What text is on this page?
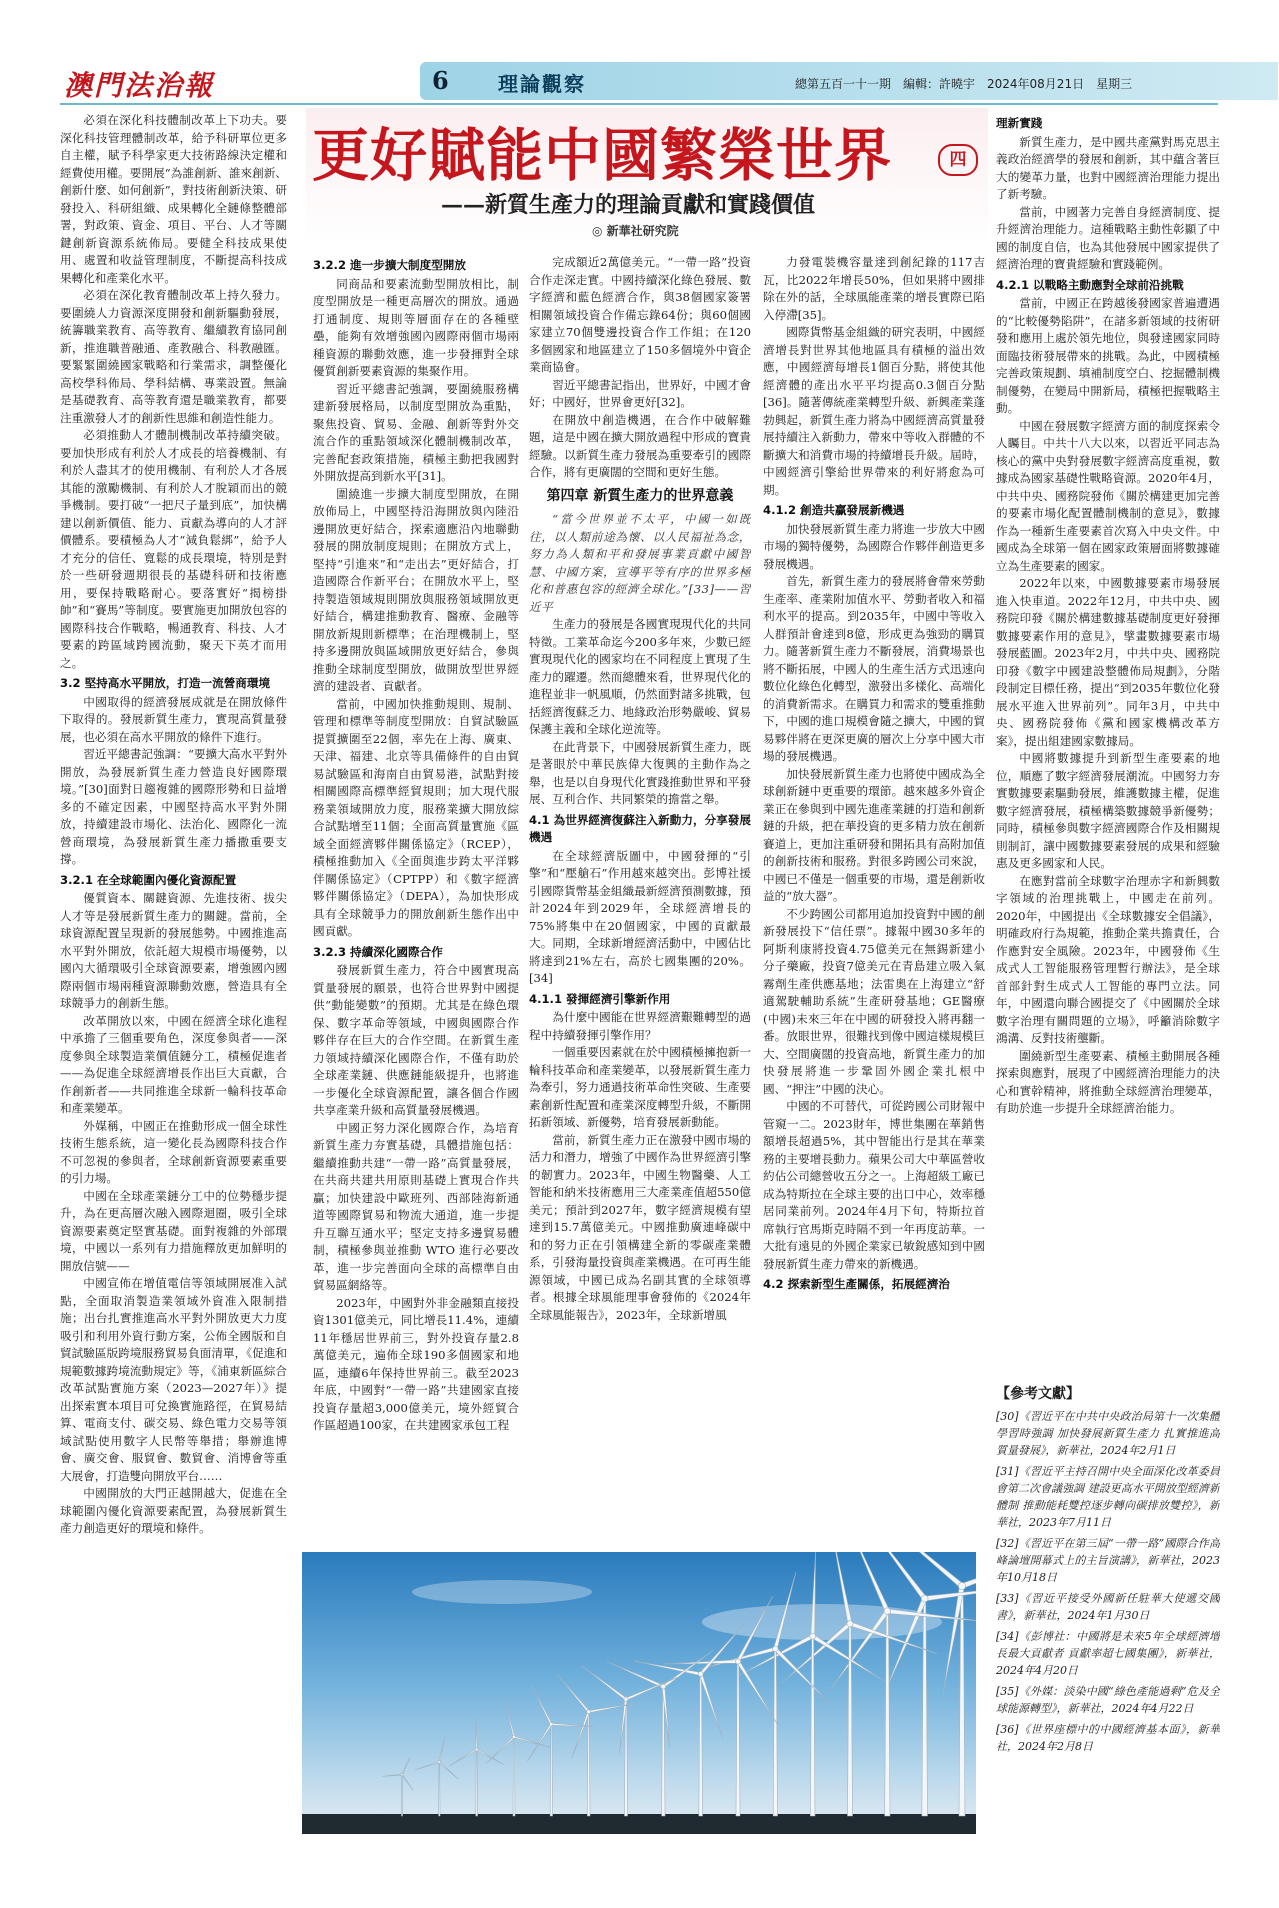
澳門法治報	6 理論觀察	總第五百一十一期　編輯：許曉宇　2024年08月21日　星期三
更好賦能中國繁榮世界	四
——新質生產力的理論貢獻和實踐價值
◎ 新華社研究院

必須在深化科技體制改革上下功夫。要深化科技管理體制改革，給予科研單位更多自主權，賦予科學家更大技術路線決定權和經費使用權。要開展“為誰創新、誰來創新、創新什麼、如何創新”，對技術創新決策、研發投入、科研組織、成果轉化全鏈條整體部署，對政策、資金、項目、平台、人才等關鍵創新資源系統佈局。要健全科技成果使用、處置和收益管理制度，不斷提高科技成果轉化和產業化水平。

必須在深化教育體制改革上持久發力。要圍繞人力資源深度開發和創新驅動發展，統籌職業教育、高等教育、繼續教育協同創新，推進職普融通、產教融合、科教融匯。要緊緊圍繞國家戰略和行業需求，調整優化高校學科佈局、學科結構、專業設置。無論是基礎教育、高等教育還是職業教育，都要注重激發人才的創新性思維和創造性能力。

必須推動人才體制機制改革持續突破。要加快形成有利於人才成長的培養機制、有利於人盡其才的使用機制、有利於人才各展其能的激勵機制、有利於人才脫穎而出的競爭機制。要打破“一把尺子量到底”，加快構建以創新價值、能力、貢獻為導向的人才評價體系。要積極為人才“減負鬆綁”，給予人才充分的信任、寬鬆的成長環境，特別是對於一些研發週期很長的基礎科研和技術應用，要保持戰略耐心。要落實好“揭榜掛帥”和“賽馬”等制度。要實施更加開放包容的國際科技合作戰略，暢通教育、科技、人才要素的跨區域跨國流動，聚天下英才而用之。

3.2 堅持高水平開放，打造一流營商環境

中國取得的經濟發展成就是在開放條件下取得的。發展新質生產力，實現高質量發展，也必須在高水平開放的條件下進行。

習近平總書記強調：“要擴大高水平對外開放，為發展新質生產力營造良好國際環境。”[30]面對日趨複雜的國際形勢和日益增多的不確定因素，中國堅持高水平對外開放，持續建設市場化、法治化、國際化一流營商環境，為發展新質生產力播撒重要支撐。

3.2.1 在全球範圍內優化資源配置

優質資本、關鍵資源、先進技術、拔尖人才等是發展新質生產力的關鍵。當前，全球資源配置呈現新的發展態勢。中國推進高水平對外開放，依託超大規模市場優勢，以國內大循環吸引全球資源要素，增強國內國際兩個市場兩種資源聯動效應，營造具有全球競爭力的創新生態。

改革開放以來，中國在經濟全球化進程中承擔了三個重要角色，深度參與者——深度參與全球製造業價值鏈分工，積極促進者——為促進全球經濟增長作出巨大貢獻，合作創新者——共同推進全球新一輪科技革命和產業變革。

外媒稱，中國正在推動形成一個全球性技術生態系統，這一變化長為國際科技合作不可忽視的參與者，全球創新資源要素重要的引力場。

中國在全球產業鏈分工中的位勢穩步提升，為在更高層次融入國際迴圈，吸引全球資源要素奠定堅實基礎。面對複雜的外部環境，中國以一系列有力措施釋放更加鮮明的開放信號——

中國宣佈在增值電信等領域開展准入試點，全面取消製造業領域外資准入限制措施；出台扎實推進高水平對外開放更大力度吸引和利用外資行動方案，公佈全國版和自貿試驗區版跨境服務貿易負面清單，《促進和規範數據跨境流動規定》等，《浦東新區綜合改革試點實施方案（2023—2027年）》提出探索實本項目可兌換實施路徑，在貿易結算、電商支付、碳交易、綠色電力交易等領域試點使用數字人民幣等舉措；舉辦進博會、廣交會、服貿會、數貿會、消博會等重大展會，打造雙向開放平台……

中國開放的大門正越開越大，促進在全球範圍內優化資源要素配置，為發展新質生產力創造更好的環境和條件。

3.2.2 進一步擴大制度型開放

同商品和要素流動型開放相比，制度型開放是一種更高層次的開放。通過打通制度、規則等層面存在的各種壁壘，能夠有效增強國內國際兩個市場兩種資源的聯動效應，進一步發揮對全球優質創新要素資源的集聚作用。

習近平總書記強調，要圍繞服務構建新發展格局，以制度型開放為重點，聚焦投資、貿易、金融、創新等對外交流合作的重點領域深化體制機制改革，完善配套政策措施，積極主動把我國對外開放提高到新水平[31]。

圍繞進一步擴大制度型開放，在開放佈局上，中國堅持沿海開放與內陸沿邊開放更好結合，探索適應沿內地聯動發展的開放制度規則；在開放方式上，堅持“引進來”和“走出去”更好結合，打造國際合作新平台；在開放水平上，堅持製造領域規則開放與服務領域開放更好結合，構建推動教育、醫療、金融等開放新規則新標準；在治理機制上，堅持多邊開放與區域開放更好結合，參與推動全球制度型開放，做開放型世界經濟的建設者、貢獻者。

當前，中國加快推動規則、規制、管理和標準等制度型開放：自貿試驗區提質擴圍至22個，率先在上海、廣東、天津、福建、北京等具備條件的自由貿易試驗區和海南自由貿易港，試點對接相關國際高標準經貿規則；加大現代服務業領域開放力度，服務業擴大開放綜合試點增至11個；全面高質量實施《區域全面經濟夥伴關係協定》（RCEP），積極推動加入《全面與進步跨太平洋夥伴關係協定》（CPTPP）和《數字經濟夥伴關係協定》（DEPA），為加快形成具有全球競爭力的開放創新生態作出中國貢獻。

3.2.3 持續深化國際合作

發展新質生產力，符合中國實現高質量發展的願景，也符合世界對中國提供“動能變數”的預期。尤其是在綠色環保、數字革命等領域，中國與國際合作夥伴存在巨大的合作空間。在新質生產力領域持續深化國際合作，不僅有助於全球產業鏈、供應鏈能級提升，也將進一步優化全球資源配置，讓各個合作國共享產業升級和高質量發展機遇。

中國正努力深化國際合作，為培育新質生產力夯實基礎，具體措施包括：繼續推動共建“一帶一路”高質量發展，在共商共建共用原則基礎上實現合作共贏；加快建設中歐班列、西部陸海新通道等國際貿易和物流大通道，進一步提升互聯互通水平；堅定支持多邊貿易體制，積極參與並推動 WTO 進行必要改革，進一步完善面向全球的高標準自由貿易區網絡等。

2023年，中國對外非金融類直接投資1301億美元，同比增長11.4%，連續11年穩居世界前三，對外投資存量2.8萬億美元，遍佈全球190多個國家和地區，連續6年保持世界前三。截至2023年底，中國對“一帶一路”共建國家直接投資存量超3,000億美元，境外經貿合作區超過100家，在共建國家承包工程

完成額近2萬億美元。“一帶一路”投資合作走深走實。中國持續深化綠色發展、數字經濟和藍色經濟合作，與38個國家簽署相關領域投資合作備忘錄64份；與60個國家建立70個雙邊投資合作工作組；在120多個國家和地區建立了150多個境外中資企業商協會。

習近平總書記指出，世界好，中國才會好；中國好，世界會更好[32]。

在開放中創造機遇，在合作中破解難題，這是中國在擴大開放過程中形成的寶貴經驗。以新質生產力發展為重要牽引的國際合作，將有更廣闊的空間和更好生態。

第四章 新質生產力的世界意義

“當今世界並不太平，中國一如既往，以人類前途為懷、以人民福祉為念，努力為人類和平和發展事業貢獻中國智慧、中國方案，宣導平等有序的世界多極化和普惠包容的經濟全球化。”[33]——習近平

生產力的發展是各國實現現代化的共同特徵。工業革命迄今200多年來，少數已經實現現代化的國家均在不同程度上實現了生產力的躍遷。然而總體來看，世界現代化的進程並非一帆風順，仍然面對諸多挑戰，包括經濟復蘇乏力、地緣政治形勢嚴峻、貿易保護主義和全球化逆流等。

在此背景下，中國發展新質生產力，既是著眼於中華民族偉大復興的主動作為之舉，也是以自身現代化實踐推動世界和平發展、互利合作、共同繁榮的擔當之舉。

4.1 為世界經濟復蘇注入新動力，分享發展機遇

在全球經濟版圖中，中國發揮的“引擎”和“壓艙石”作用越來越突出。彭博社援引國際貨幣基金組織最新經濟預測數據，預計2024年到2029年，全球經濟增長的75%將集中在20個國家，中國的貢獻最大。同期，全球新增經濟活動中，中國佔比將達到21%左右，高於七國集團的20%。[34]

4.1.1 發揮經濟引擎新作用

為什麼中國能在世界經濟艱難轉型的過程中持續發揮引擎作用？

一個重要因素就在於中國積極擁抱新一輪科技革命和產業變革，以發展新質生產力為牽引，努力通過技術革命性突破、生產要素創新性配置和產業深度轉型升級，不斷開拓新領域、新優勢，培育發展新動能。

當前，新質生產力正在激發中國市場的活力和潛力，增強了中國作為世界經濟引擎的韌實力。2023年，中國生物醫藥、人工智能和納米技術應用三大產業產值超550億美元；預計到2027年，數字經濟規模有望達到15.7萬億美元。中國推動廣連峰碳中和的努力正在引領構建全新的零碳產業體系，引發海量投資與產業機遇。在可再生能源領域，中國已成為名副其實的全球領導者。根據全球風能理事會發佈的《2024年全球風能報告》，2023年，全球新增風

力發電裝機容量達到創紀錄的117吉瓦，比2022年增長50%，但如果將中國排除在外的話，全球風能產業的增長實際已陷入停滯[35]。

國際貨幣基金組織的研究表明，中國經濟增長對世界其他地區具有積極的溢出效應，中國經濟每增長1個百分點，將使其他經濟體的產出水平平均提高0.3個百分點[36]。隨著傳統產業轉型升級、新興產業蓬勃興起，新質生產力將為中國經濟高質量發展持續注入新動力，帶來中等收入群體的不斷擴大和消費市場的持續增長升級。屆時，中國經濟引擎給世界帶來的利好將愈為可期。

4.1.2 創造共贏發展新機遇

加快發展新質生產力將進一步放大中國市場的獨特優勢，為國際合作夥伴創造更多發展機遇。

首先，新質生產力的發展將會帶來勞動生產率、產業附加值水平、勞動者收入和福利水平的提高。到2035年，中國中等收入人群預計會達到8億，形成更為強勁的購買力。隨著新質生產力不斷發展，消費場景也將不斷拓展，中國人的生產生活方式迅速向數位化綠色化轉型，激發出多樣化、高端化的消費新需求。在購買力和需求的雙重推動下，中國的進口規模會隨之擴大，中國的貿易夥伴將在更深更廣的層次上分享中國大市場的發展機遇。

加快發展新質生產力也將使中國成為全球創新鏈中更重要的環節。越來越多外資企業正在參與到中國先進產業鏈的打造和創新鏈的升級，把在華投資的更多精力放在創新賽道上，更加注重研發和開拓具有高附加值的創新技術和服務。對很多跨國公司來說，中國已不僅是一個重要的市場，還是創新收益的“放大器”。

不少跨國公司都用追加投資對中國的創新發展投下“信任票”。據報中國30多年的阿斯利康將投資4.75億美元在無錫新建小分子藥廠，投資7億美元在青島建立吸入氣霧劑生產供應基地；法雷奧在上海建立“舒適駕駛輔助系統”生產研發基地；GE醫療(中國)未來三年在中國的研發投入將再翻一番。放眼世界，很難找到像中國這樣規模巨大、空間廣闊的投資高地，新質生產力的加快發展將進一步鞏固外國企業扎根中國、“押注”中國的決心。

中國的不可替代，可從跨國公司財報中管窺一二。2023財年，博世集團在華銷售額增長超過5%，其中智能出行是其在華業務的主要增長動力。蘋果公司大中華區營收約佔公司總營收五分之一。上海超級工廠已成為特斯拉在全球主要的出口中心，效率穩居同業前列。2024年4月下旬，特斯拉首席執行官馬斯克時隔不到一年再度訪華。一大批有遠見的外國企業家已敏銳感知到中國發展新質生產力帶來的新機遇。

4.2 探索新型生產關係，拓展經濟治
理新實踐

新質生產力，是中國共產黨對馬克思主義政治經濟學的發展和創新，其中蘊含著巨大的變革力量，也對中國經濟治理能力提出了新考驗。

當前，中國著力完善自身經濟制度、提升經濟治理能力。這種戰略主動性彰顯了中國的制度自信，也為其他發展中國家提供了經濟治理的寶貴經驗和實踐範例。

4.2.1 以戰略主動應對全球前沿挑戰

當前，中國正在跨越後發國家普遍遭遇的“比較優勢陷阱”，在諸多新領域的技術研發和應用上處於領先地位，與發達國家同時面臨技術發展帶來的挑戰。為此，中國積極完善政策規劃、填補制度空白、挖掘體制機制優勢，在變局中開新局，積極把握戰略主動。

中國在發展數字經濟方面的制度探索令人矚目。中共十八大以來，以習近平同志為核心的黨中央對發展數字經濟高度重視，數據成為國家基礎性戰略資源。2020年4月，中共中央、國務院發佈《關於構建更加完善的要素市場化配置體制機制的意見》，數據作為一種新生產要素首次寫入中央文件。中國成為全球第一個在國家政策層面將數據確立為生產要素的國家。

2022年以來，中國數據要素市場發展進入快車道。2022年12月，中共中央、國務院印發《關於構建數據基礎制度更好發揮數據要素作用的意見》，擘畫數據要素市場發展藍圖。2023年2月，中共中央、國務院印發《數字中國建設整體佈局規劃》，分階段制定目標任務，提出“到2035年數位化發展水平進入世界前列”。同年3月，中共中央、國務院發佈《黨和國家機構改革方案》，提出組建國家數據局。

中國將數據提升到新型生產要素的地位，順應了數字經濟發展潮流。中國努力夯實數據要素驅動發展，維護數據主權，促進數字經濟發展，積極構築數據競爭新優勢；同時，積極參與數字經濟國際合作及相關規則制訂，讓中國數據要素發展的成果和經驗惠及更多國家和人民。

在應對當前全球數字治理赤字和新興數字領域的治理挑戰上，中國走在前列。2020年，中國提出《全球數據安全倡議》，明確政府行為規範，推動企業共擔責任，合作應對安全風險。2023年，中國發佈《生成式人工智能服務管理暫行辦法》，是全球首部針對生成式人工智能的專門立法。同年，中國還向聯合國提交了《中國關於全球數字治理有關問題的立場》，呼籲消除數字鴻溝、反對技術壟斷。

圍繞新型生產要素、積極主動開展各種探索與應對，展現了中國經濟治理能力的決心和實幹精神，將推動全球經濟治理變革，有助於進一步提升全球經濟治能力。

【參考文獻】

[30]《習近平在中共中央政治局第十一次集體學習時強調 加快發展新質生產力 扎實推進高質量發展》，新華社，2024年2月1日

[31]《習近平主持召開中央全面深化改革委員會第二次會議強調 建設更高水平開放型經濟新體制 推動能耗雙控逐步轉向碳排放雙控》，新華社，2023年7月11日

[32]《習近平在第三屆“一帶一路”國際合作高峰論壇開幕式上的主旨演講》，新華社，2023年10月18日

[33]《習近平接受外國新任駐華大使遞交國書》，新華社，2024年1月30日

[34]《彭博社：中國將是未來5年全球經濟增長最大貢獻者 貢獻率超七國集團》，新華社，2024年4月20日

[35]《外媒：淡染中國“綠色產能過剩”危及全球能源轉型》，新華社，2024年4月22日

[36]《世界座標中的中國經濟基本面》，新華社，2024年2月8日
